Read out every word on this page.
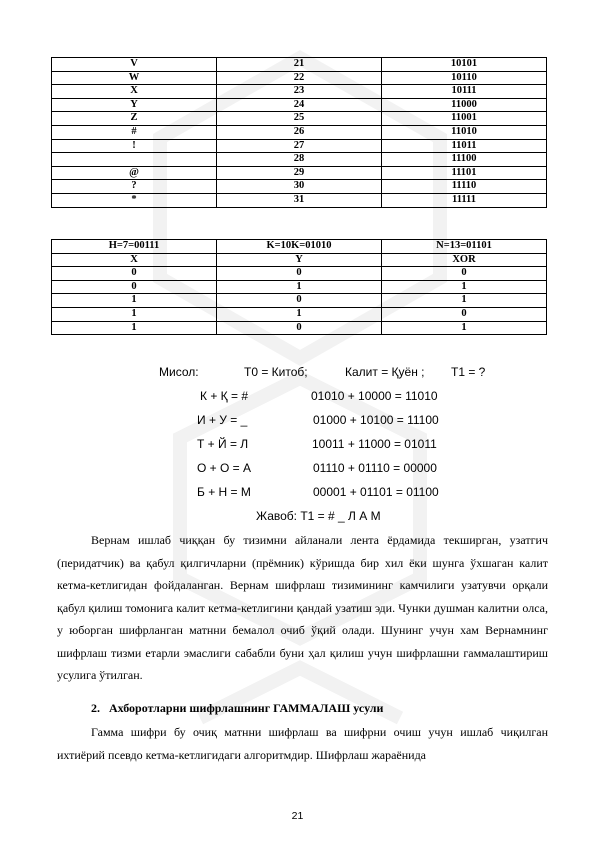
V	21	10101
W	22	10110
X	23	10111
Y	24	11000
Z	25	11001
#	26	11010
!	27	11011
	28	11100
@	29	11101
?	30	11110
*	31	11111
H=7=00111	K=10K=01010	N=13=01101
X	Y	XOR
0	0	0
0	1	1
1	0	1
1	1	0
1	0	1
Мисол:	T0 = Китоб;	Калит = Қуён ; T1 = ?
К + Қ = #	01010 + 10000 = 11010
И + У = _	01000 + 10100 = 11100
Т + Й = Л	10011 + 11000 = 01011
О + О = А	01110 + 01110 = 00000
Б + Н = М	00001 + 01101 = 01100
Жавоб: T1 = # _ Л А М

Вернам ишлаб чиққан бу тизимни айланали лента ёрдамида текширган, узатгич (перидатчик) ва қабул қилгичларни (прёмник) кўришда бир хил ёки шунга ўхшаган калит кетма-кетлигидан фойдаланган. Вернам шифрлаш тизимининг камчилиги узатувчи орқали қабул қилиш томонига калит кетма-кетлигини қандай узатиш эди. Чунки душман калитни олса, у юборган шифрланган матнни бемалол очиб ўқий олади. Шунинг учун хам Вернамнинг шифрлаш тизми етарли эмаслиги сабабли буни ҳал қилиш учун шифрлашни гаммалаштириш усулига ўтилган.

2. Ахборотларни шифрлашнинг ГАММАЛАШ усули

Гамма шифри бу очиқ матнни шифрлаш ва шифрни очиш учун ишлаб чиқилган ихтиёрий псевдо кетма-кетлигидаги алгоритмдир. Шифрлаш жараёнида

21
